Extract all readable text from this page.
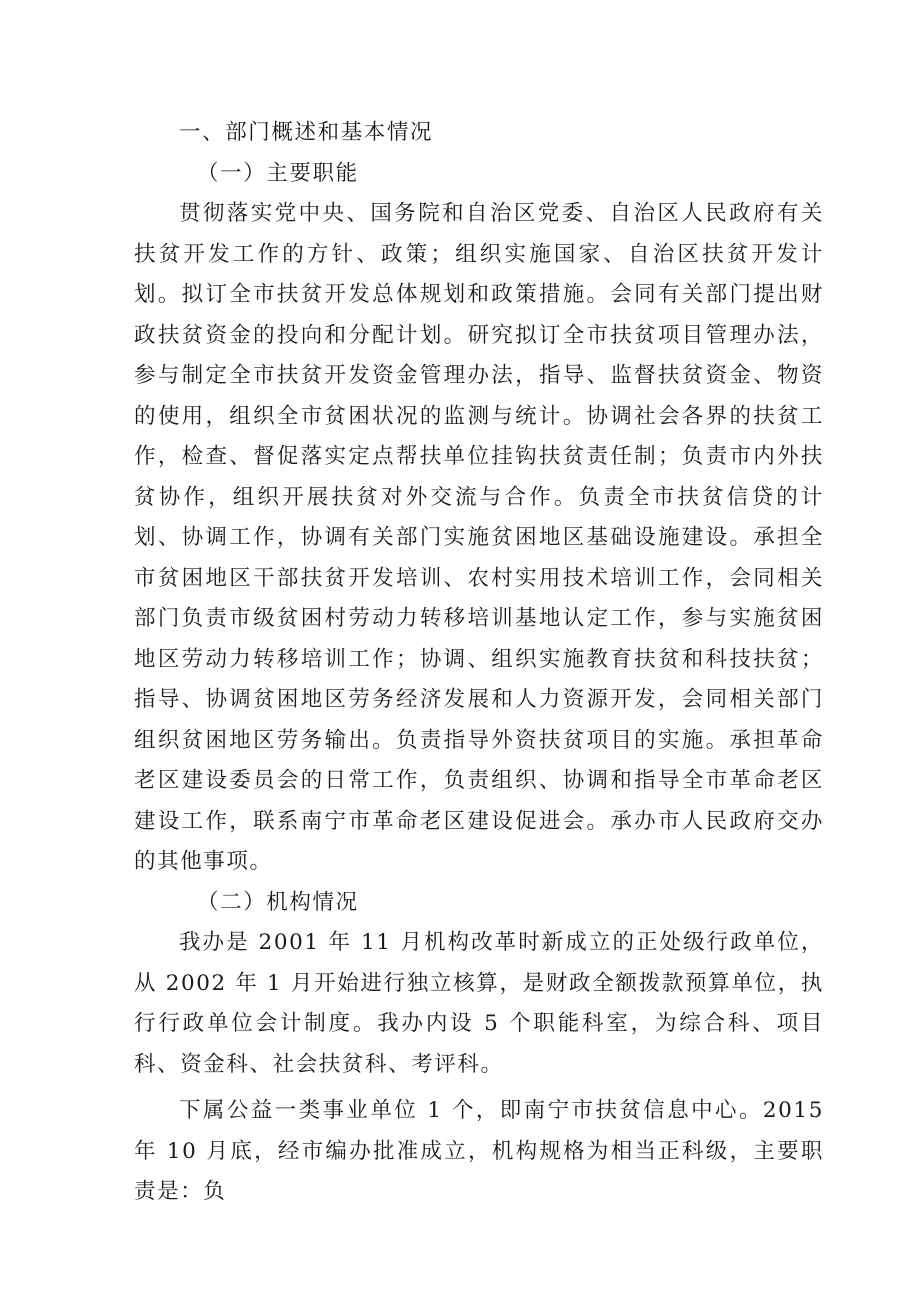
一、部门概述和基本情况
（一）主要职能

贯彻落实党中央、国务院和自治区党委、自治区人民政府有关扶贫开发工作的方针、政策；组织实施国家、自治区扶贫开发计划。拟订全市扶贫开发总体规划和政策措施。会同有关部门提出财政扶贫资金的投向和分配计划。研究拟订全市扶贫项目管理办法，参与制定全市扶贫开发资金管理办法，指导、监督扶贫资金、物资的使用，组织全市贫困状况的监测与统计。协调社会各界的扶贫工作，检查、督促落实定点帮扶单位挂钩扶贫责任制；负责市内外扶贫协作，组织开展扶贫对外交流与合作。负责全市扶贫信贷的计划、协调工作，协调有关部门实施贫困地区基础设施建设。承担全市贫困地区干部扶贫开发培训、农村实用技术培训工作，会同相关部门负责市级贫困村劳动力转移培训基地认定工作，参与实施贫困地区劳动力转移培训工作；协调、组织实施教育扶贫和科技扶贫；指导、协调贫困地区劳务经济发展和人力资源开发，会同相关部门组织贫困地区劳务输出。负责指导外资扶贫项目的实施。承担革命老区建设委员会的日常工作，负责组织、协调和指导全市革命老区建设工作，联系南宁市革命老区建设促进会。承办市人民政府交办的其他事项。

（二）机构情况

我办是 2001 年 11 月机构改革时新成立的正处级行政单位，从 2002 年 1 月开始进行独立核算，是财政全额拨款预算单位，执行行政单位会计制度。我办内设 5 个职能科室，为综合科、项目科、资金科、社会扶贫科、考评科。

下属公益一类事业单位 1 个，即南宁市扶贫信息中心。2015 年 10 月底，经市编办批准成立，机构规格为相当正科级，主要职责是：负
